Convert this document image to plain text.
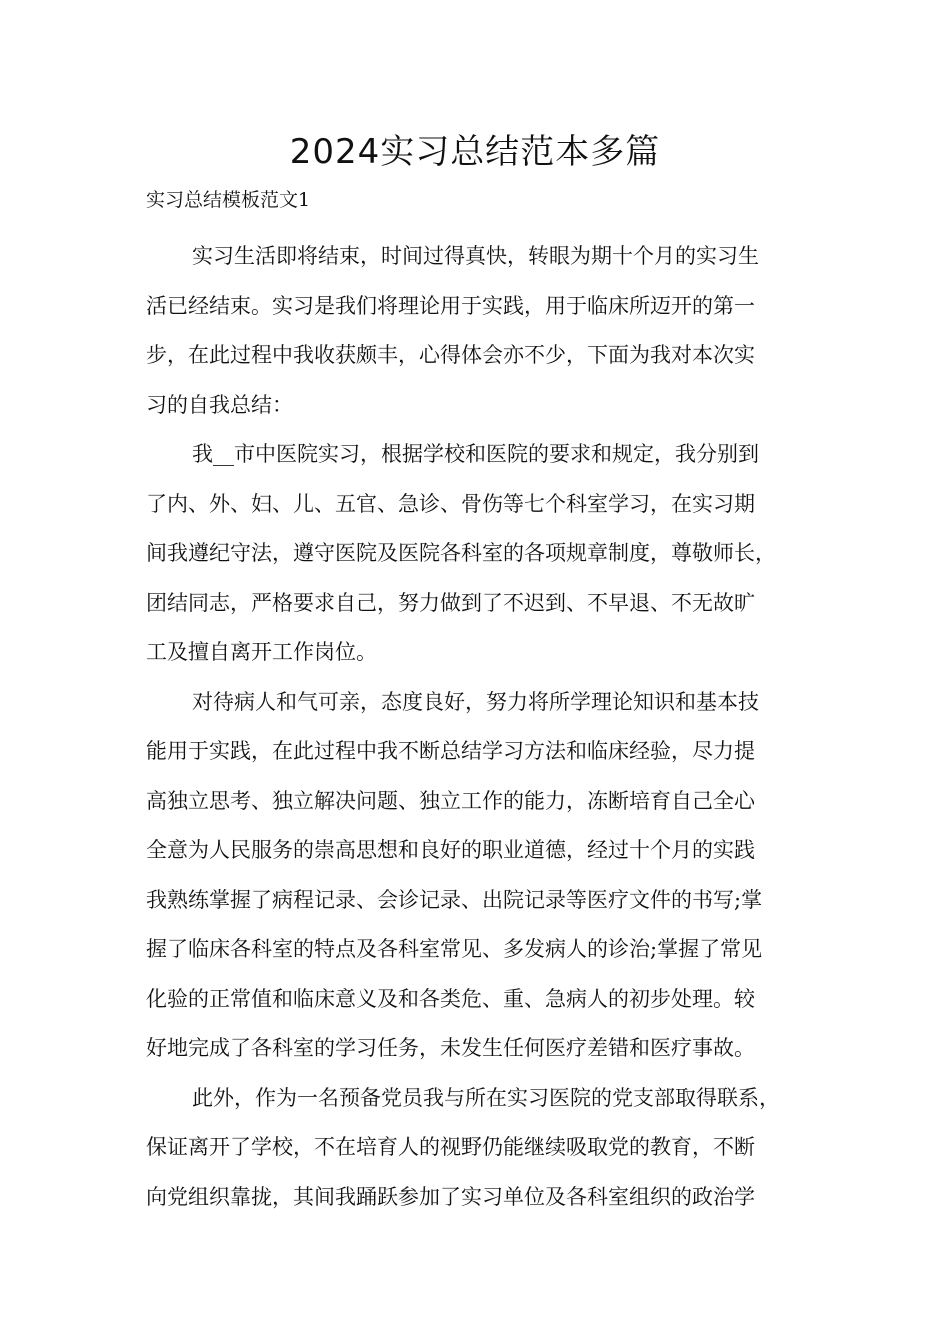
2024实习总结范本多篇

实习总结模板范文1

实习生活即将结束，时间过得真快，转眼为期十个月的实习生
活已经结束。实习是我们将理论用于实践，用于临床所迈开的第一
步，在此过程中我收获颇丰，心得体会亦不少，下面为我对本次实
习的自我总结：

我__市中医院实习，根据学校和医院的要求和规定，我分别到
了内、外、妇、儿、五官、急诊、骨伤等七个科室学习，在实习期
间我遵纪守法，遵守医院及医院各科室的各项规章制度，尊敬师长，
团结同志，严格要求自己，努力做到了不迟到、不早退、不无故旷
工及擅自离开工作岗位。

对待病人和气可亲，态度良好，努力将所学理论知识和基本技
能用于实践，在此过程中我不断总结学习方法和临床经验，尽力提
高独立思考、独立解决问题、独立工作的能力，冻断培育自己全心
全意为人民服务的崇高思想和良好的职业道德，经过十个月的实践
我熟练掌握了病程记录、会诊记录、出院记录等医疗文件的书写;掌
握了临床各科室的特点及各科室常见、多发病人的诊治;掌握了常见
化验的正常值和临床意义及和各类危、重、急病人的初步处理。较
好地完成了各科室的学习任务，未发生任何医疗差错和医疗事故。

此外，作为一名预备党员我与所在实习医院的党支部取得联系，
保证离开了学校，不在培育人的视野仍能继续吸取党的教育，不断
向党组织靠拢，其间我踊跃参加了实习单位及各科室组织的政治学
